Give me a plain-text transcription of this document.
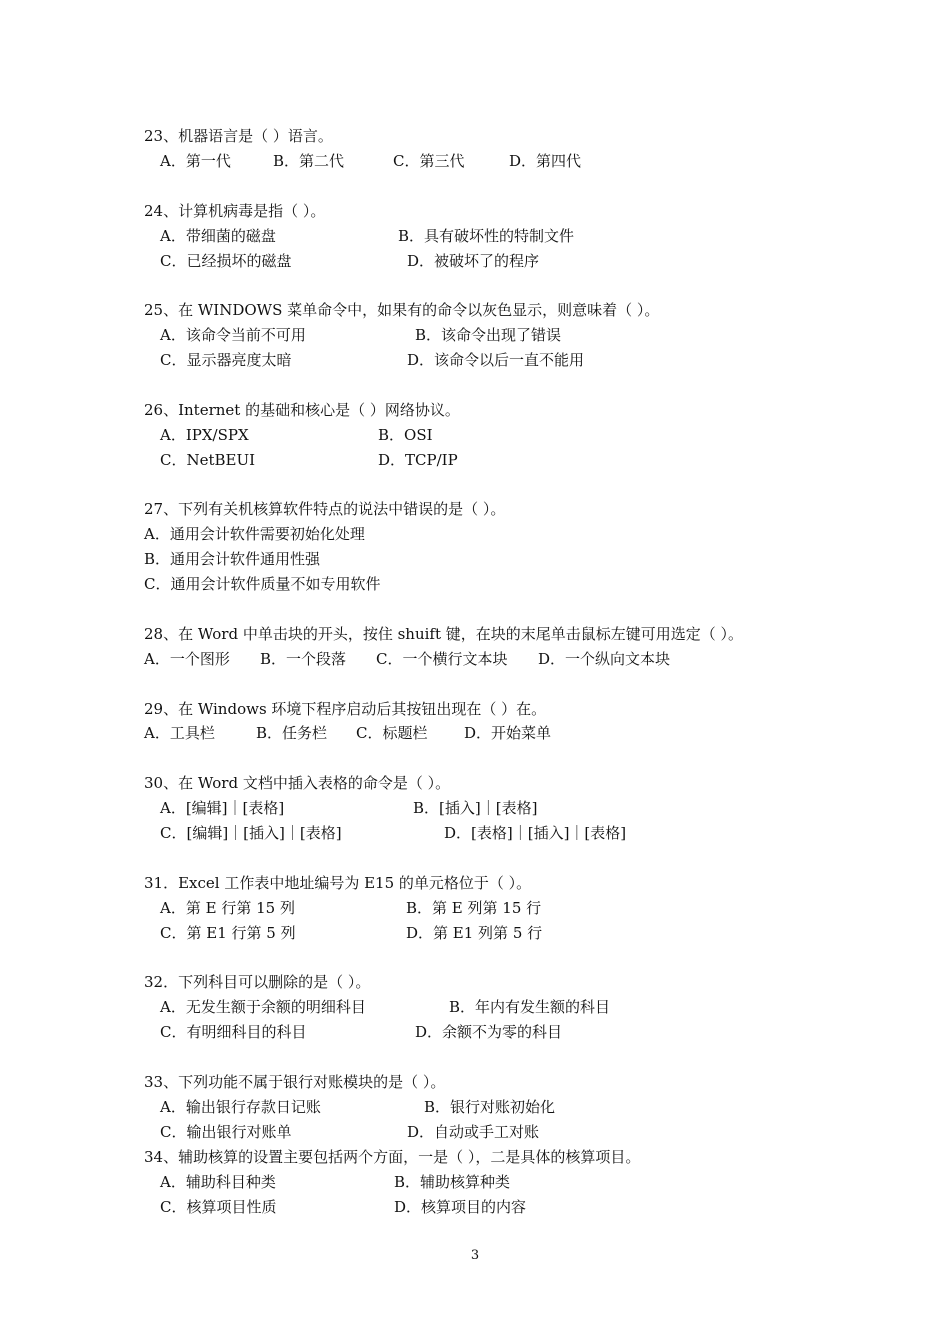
23、机器语言是（ ）语言。
A．第一代	B．第二代	C．第三代	D．第四代
24、计算机病毒是指（ ）。
A．带细菌的磁盘	B．具有破坏性的特制文件
C．已经损坏的磁盘	D．被破坏了的程序
25、在 WINDOWS 菜单命令中，如果有的命令以灰色显示，则意味着（ ）。
A．该命令当前不可用	B．该命令出现了错误
C．显示器亮度太暗	D．该命令以后一直不能用
26、Internet 的基础和核心是（ ）网络协议。
A．IPX/SPX	B．OSI
C．NetBEUI	D．TCP/IP
27、下列有关机核算软件特点的说法中错误的是（ ）。
A．通用会计软件需要初始化处理
B．通用会计软件通用性强
C．通用会计软件质量不如专用软件
28、在 Word 中单击块的开头，按住 shuift 键，在块的末尾单击鼠标左键可用选定（ ）。
A．一个图形 B．一个段落 C．一个横行文本块 D．一个纵向文本块
29、在 Windows 环境下程序启动后其按钮出现在（ ）在。
A．工具栏	B．任务栏 C．标题栏 D．开始菜单
30、在 Word 文档中插入表格的命令是（ ）。
A．[编辑]｜[表格]	B．[插入]｜[表格]
C．[编辑]｜[插入]｜[表格]	D．[表格]｜[插入]｜[表格]
31．Excel 工作表中地址编号为 E15 的单元格位于（ ）。
A．第 E 行第 15 列	B．第 E 列第 15 行
C．第 E1 行第 5 列	D．第 E1 列第 5 行
32．下列科目可以删除的是（ ）。
A．无发生额于余额的明细科目	B．年内有发生额的科目
C．有明细科目的科目	D．余额不为零的科目
33、下列功能不属于银行对账模块的是（ ）。
A．输出银行存款日记账	B．银行对账初始化
C．输出银行对账单	D．自动或手工对账
34、辅助核算的设置主要包括两个方面，一是（ ），二是具体的核算项目。
A．辅助科目种类	B．辅助核算种类
C．核算项目性质	D．核算项目的内容
3
